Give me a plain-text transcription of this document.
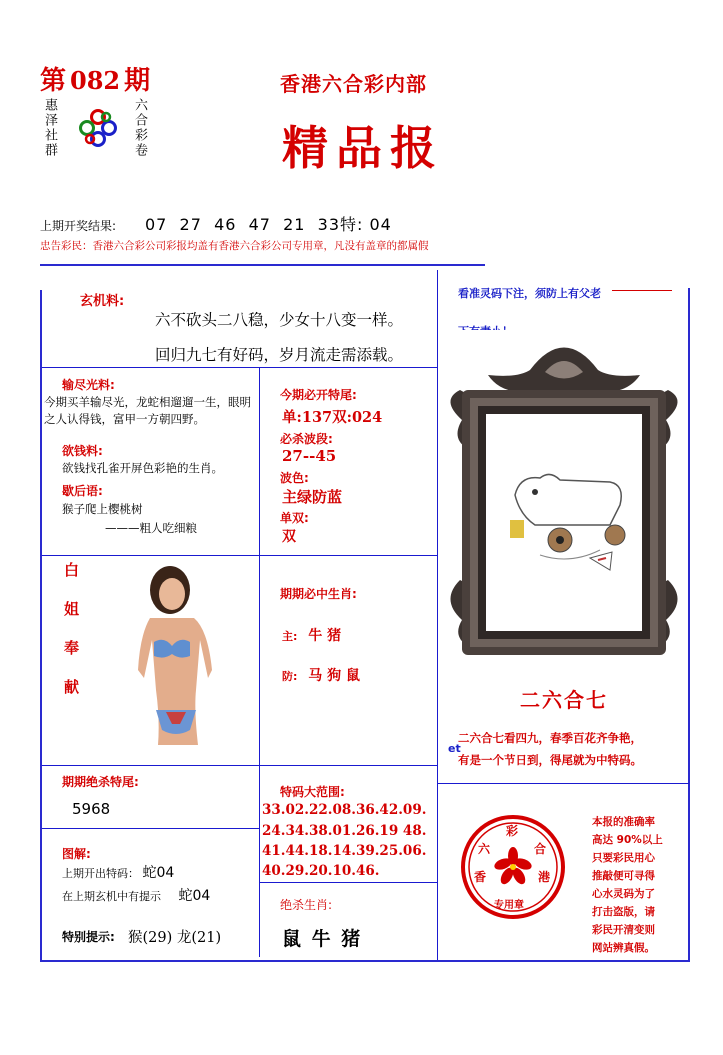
第 082 期
惠泽社群	六合彩卷
香港六合彩内部
精品报
上期开奖结果: 07  27  46  47  21  33特: 04
忠告彩民：香港六合彩公司彩报均盖有香港六合彩公司专用章，凡没有盖章的都属假
玄机料:
六不砍头二八稳，少女十八变一样。
回归九七有好码，岁月流走需添载。
输尽光料:
今期买羊输尽光，龙蛇相遛遛一生，眼明之人认得钱，富甲一方朝四野。
欲钱料:
欲钱找孔雀开屏色彩艳的生肖。
歇后语:
猴子爬上樱桃树
———粗人吃细粮
白姐奉献
今期必开特尾:
单:137双:024
必杀波段:
27--45
波色:
主绿防蓝
单双:
双
期期必中生肖:
主: 牛 猪
防: 马 狗 鼠
看准灵码下注，须防上有父老
二六合七
二六合七看四九，春季百花齐争艳，
et
有是一个节日到，得尾就为中特码。
期期绝杀特尾:
5968
特码大范围:
33.02.22.08.36.42.09.
24.34.38.01.26.19 48.
41.44.18.14.39.25.06.
40.29.20.10.46.
图解:
上期开出特码： 蛇04
在上期玄机中有提示 蛇04
特别提示: 猴(29) 龙(21)
绝杀生肖:
鼠 牛 猪
彩
六	合
香	港
专用章
本报的准确率
高达 90%以上
只要彩民用心
推敲便可寻得
心水灵码为了
打击盗版，请
彩民开清变则
网站辨真假。
